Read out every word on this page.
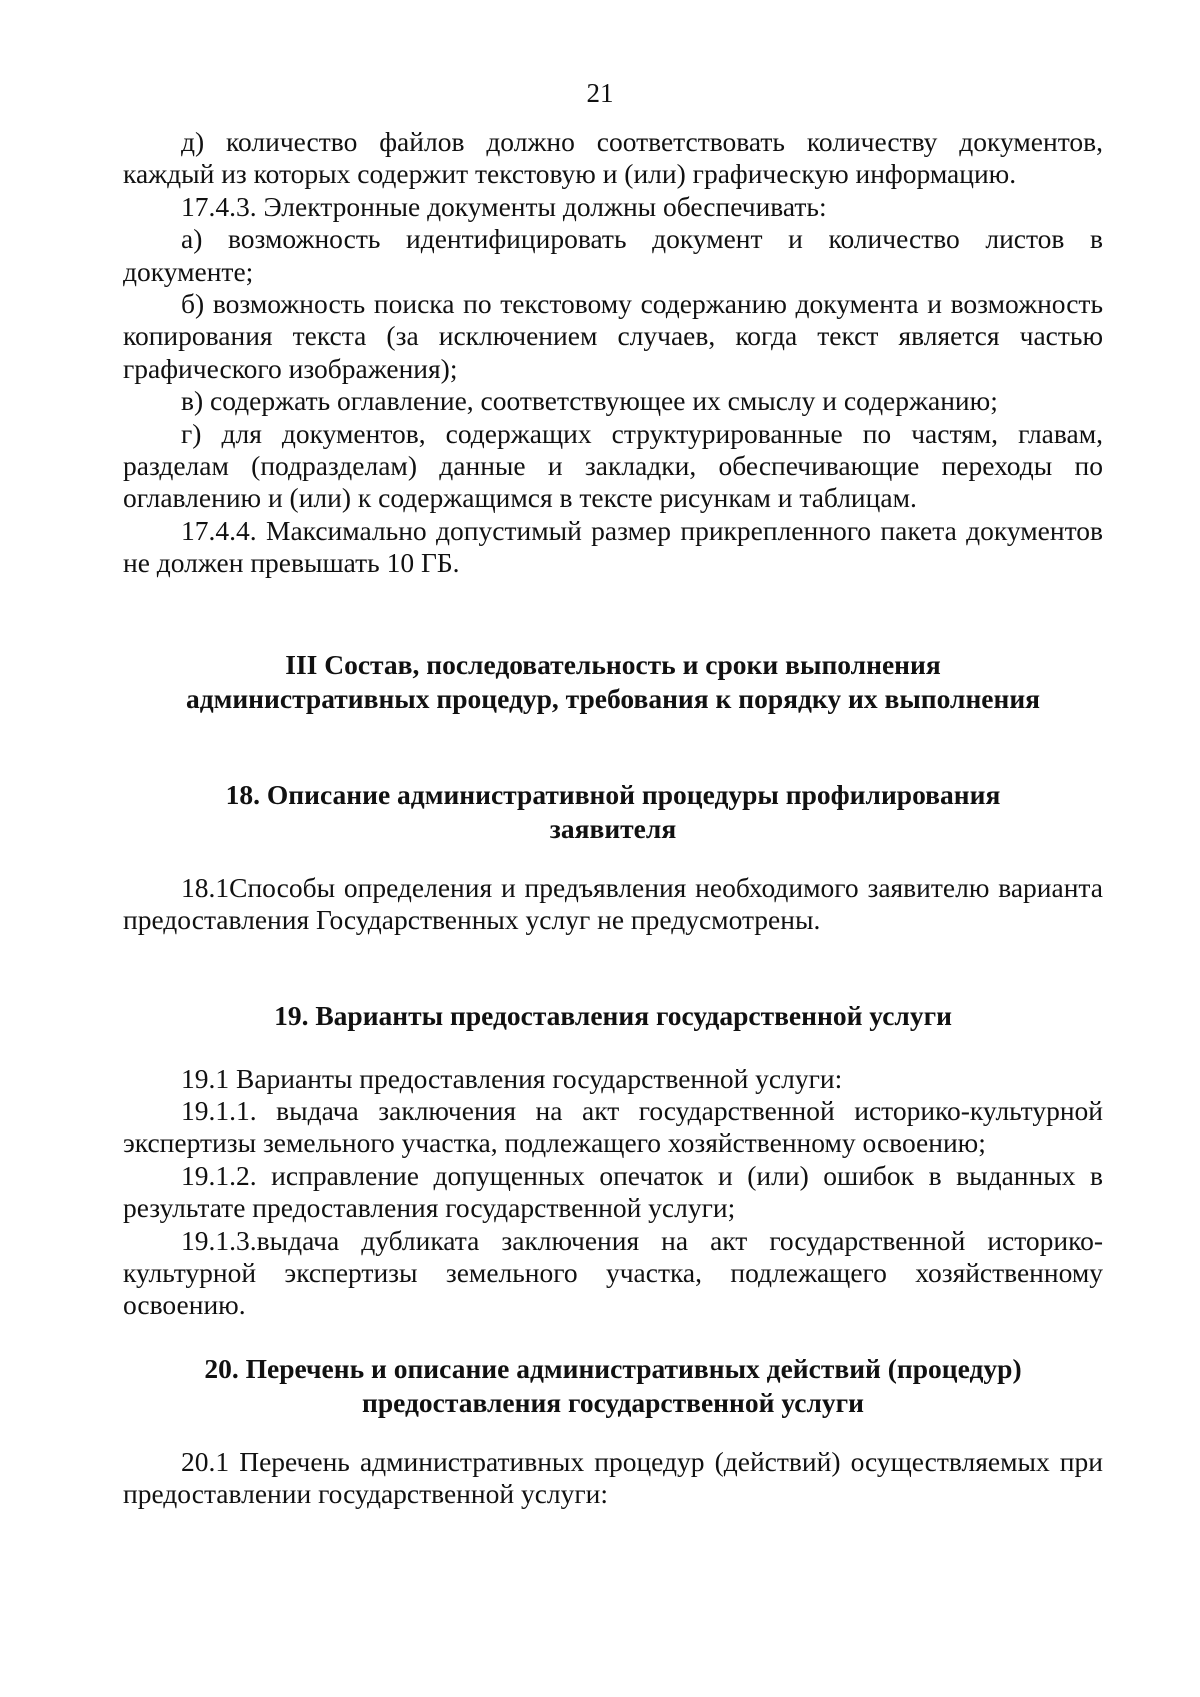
21

д) количество файлов должно соответствовать количеству документов, каждый из которых содержит текстовую и (или) графическую информацию.

17.4.3. Электронные документы должны обеспечивать:

а) возможность идентифицировать документ и количество листов в документе;

б) возможность поиска по текстовому содержанию документа и возможность копирования текста (за исключением случаев, когда текст является частью графического изображения);

в) содержать оглавление, соответствующее их смыслу и содержанию;

г) для документов, содержащих структурированные по частям, главам, разделам (подразделам) данные и закладки, обеспечивающие переходы по оглавлению и (или) к содержащимся в тексте рисункам и таблицам.

17.4.4. Максимально допустимый размер прикрепленного пакета документов не должен превышать 10 ГБ.

III Состав, последовательность и сроки выполнения
административных процедур, требования к порядку их выполнения
18. Описание административной процедуры профилирования
заявителя

18.1Способы определения и предъявления необходимого заявителю варианта предоставления Государственных услуг не предусмотрены.

19. Варианты предоставления государственной услуги

19.1 Варианты предоставления государственной услуги:

19.1.1. выдача заключения на акт государственной историко-культурной экспертизы земельного участка, подлежащего хозяйственному освоению;

19.1.2. исправление допущенных опечаток и (или) ошибок в выданных в результате предоставления государственной услуги;

19.1.3.выдача дубликата заключения на акт государственной историко-культурной экспертизы земельного участка, подлежащего хозяйственному освоению.

20. Перечень и описание административных действий (процедур)
предоставления государственной услуги

20.1 Перечень административных процедур (действий) осуществляемых при предоставлении государственной услуги:
